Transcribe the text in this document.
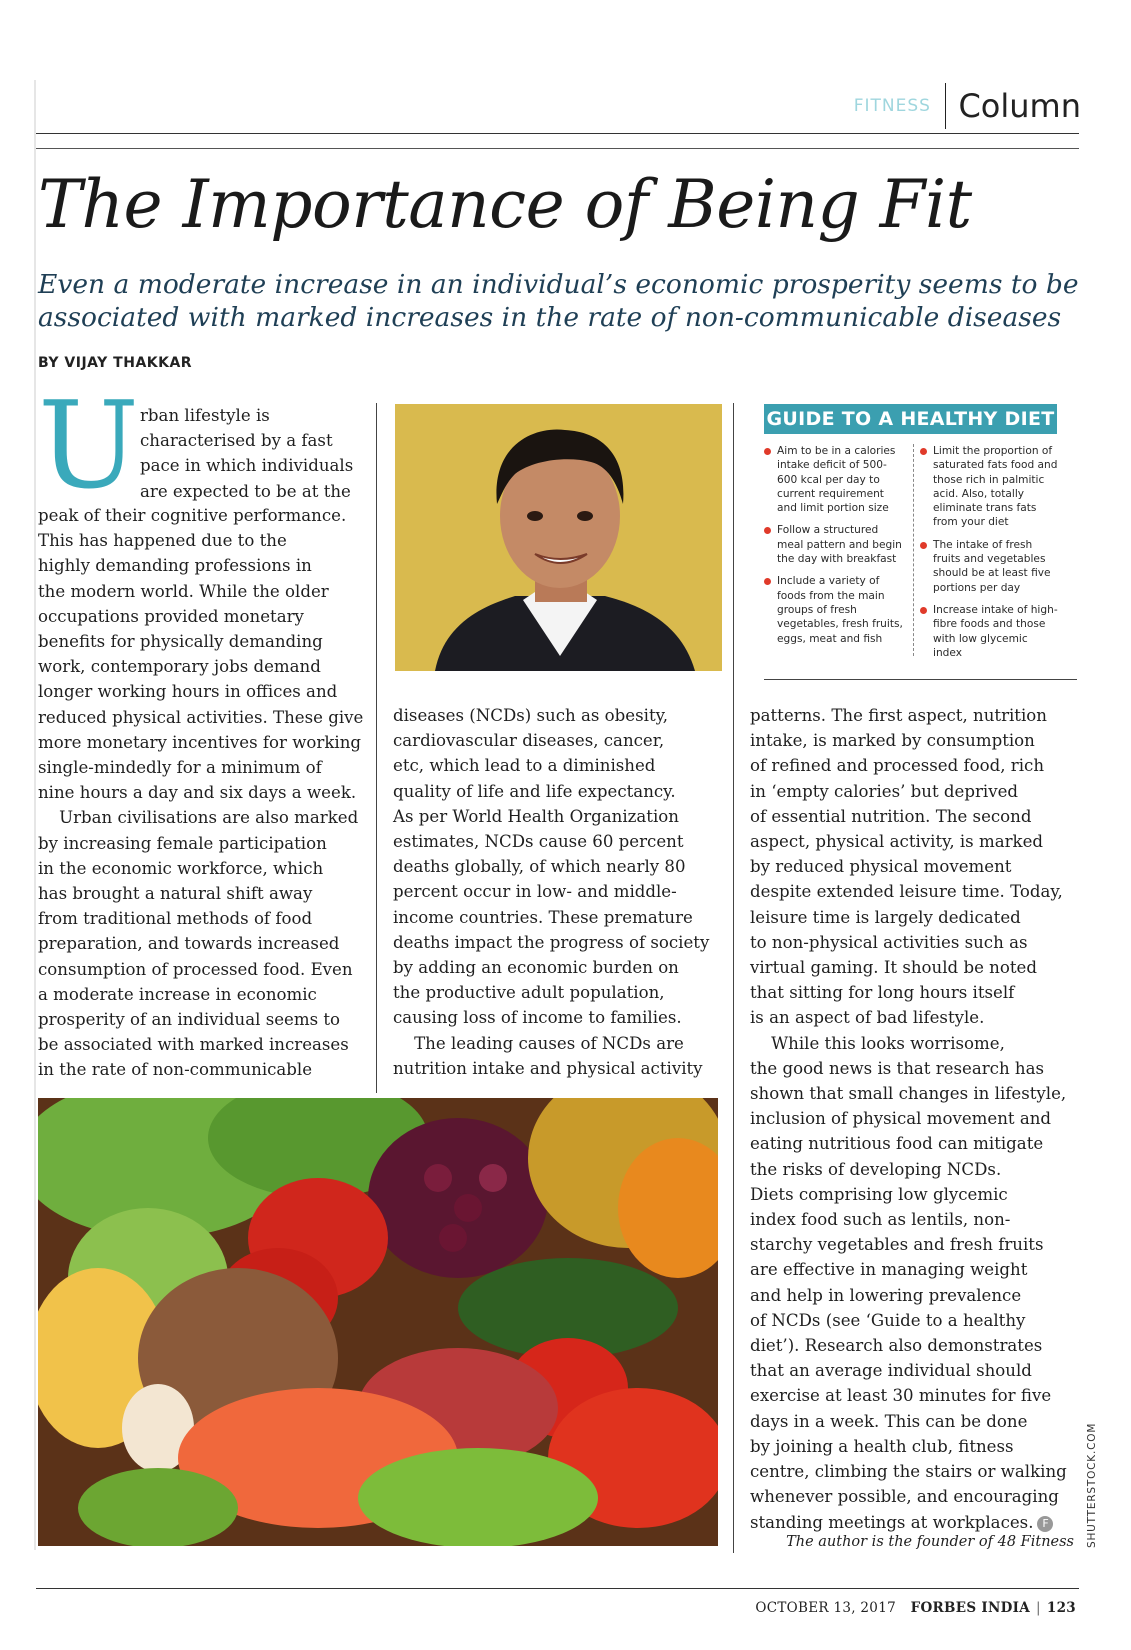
FITNESS Column
The Importance of Being Fit

Even a moderate increase in an individual’s economic prosperity seems to be
associated with marked increases in the rate of non-communicable diseases

BY VIJAY THAKKAR
U rban lifestyle is
characterised by a fast
pace in which individuals
are expected to be at the

peak of their cognitive performance.
This has happened due to the
highly demanding professions in
the modern world. While the older
occupations provided monetary
benefits for physically demanding
work, contemporary jobs demand
longer working hours in offices and
reduced physical activities. These give
more monetary incentives for working
single-mindedly for a minimum of
nine hours a day and six days a week.
Urban civilisations are also marked
by increasing female participation
in the economic workforce, which
has brought a natural shift away
from traditional methods of food
preparation, and towards increased
consumption of processed food. Even
a moderate increase in economic
prosperity of an individual seems to
be associated with marked increases
in the rate of non-communicable

GUIDE TO A HEALTHY DIET
Aim to be in a calories intake deficit of 500-600 kcal per day to current requirement and limit portion size
Follow a structured meal pattern and begin the day with breakfast
Include a variety of foods from the main groups of fresh vegetables, fresh fruits, eggs, meat and fish
Limit the proportion of saturated fats food and those rich in palmitic acid. Also, totally eliminate trans fats from your diet
The intake of fresh fruits and vegetables should be at least five portions per day
Increase intake of high-fibre foods and those with low glycemic index

diseases (NCDs) such as obesity,
cardiovascular diseases, cancer,
etc, which lead to a diminished
quality of life and life expectancy.
As per World Health Organization
estimates, NCDs cause 60 percent
deaths globally, of which nearly 80
percent occur in low- and middle-
income countries. These premature
deaths impact the progress of society
by adding an economic burden on
the productive adult population,
causing loss of income to families.
The leading causes of NCDs are
nutrition intake and physical activity

patterns. The first aspect, nutrition
intake, is marked by consumption
of refined and processed food, rich
in ‘empty calories’ but deprived
of essential nutrition. The second
aspect, physical activity, is marked
by reduced physical movement
despite extended leisure time. Today,
leisure time is largely dedicated
to non-physical activities such as
virtual gaming. It should be noted
that sitting for long hours itself
is an aspect of bad lifestyle.
While this looks worrisome,
the good news is that research has
shown that small changes in lifestyle,
inclusion of physical movement and
eating nutritious food can mitigate
the risks of developing NCDs.
Diets comprising low glycemic
index food such as lentils, non-
starchy vegetables and fresh fruits
are effective in managing weight
and help in lowering prevalence
of NCDs (see ‘Guide to a healthy
diet’). Research also demonstrates
that an average individual should
exercise at least 30 minutes for five
days in a week. This can be done
by joining a health club, fitness
centre, climbing the stairs or walking
whenever possible, and encouraging
standing meetings at workplaces. F

The author is the founder of 48 Fitness SHUTTERSTOCK.COM
OCTOBER 13, 2017 FORBES INDIA | 123
